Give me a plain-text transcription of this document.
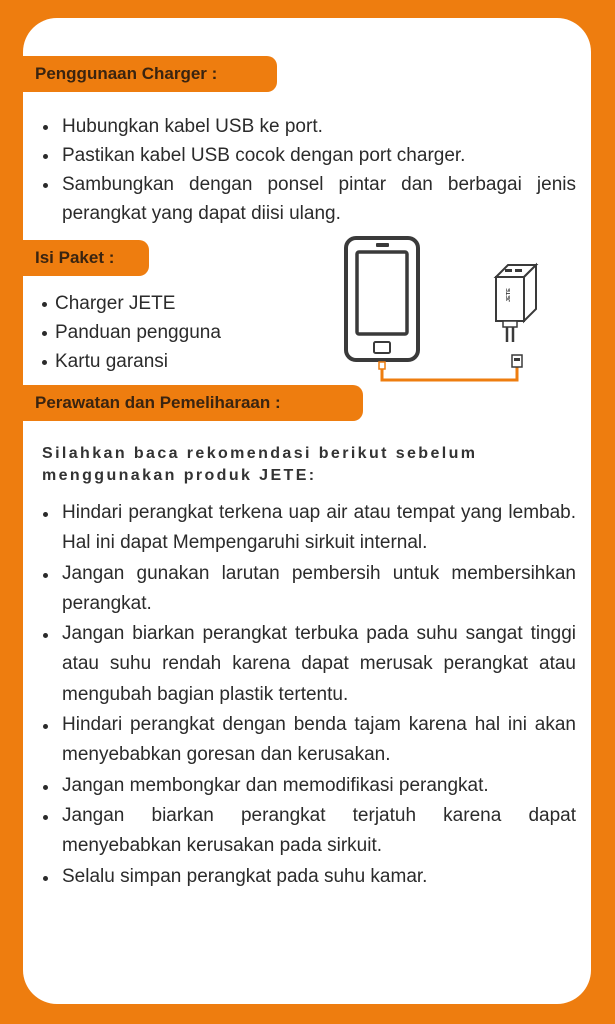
Penggunaan Charger :
Hubungkan kabel USB ke port.
Pastikan kabel USB cocok dengan port charger.
Sambungkan dengan ponsel pintar dan berbagai jenis perangkat yang dapat diisi ulang.
Isi Paket :
Charger JETE
Panduan pengguna
Kartu garansi
JETE
Perawatan dan Pemeliharaan :
Silahkan baca rekomendasi berikut sebelum menggunakan produk JETE:
Hindari perangkat terkena uap air atau tempat yang lembab. Hal ini dapat Mempengaruhi sirkuit internal.
Jangan gunakan larutan pembersih untuk membersihkan perangkat.
Jangan biarkan perangkat terbuka pada suhu sangat tinggi atau suhu rendah karena dapat merusak perangkat atau mengubah bagian plastik tertentu.
Hindari perangkat dengan benda tajam karena hal ini akan menyebabkan goresan dan kerusakan.
Jangan membongkar dan memodifikasi perangkat.
Jangan biarkan perangkat terjatuh karena dapat menyebabkan kerusakan pada sirkuit.
Selalu simpan perangkat pada suhu kamar.
